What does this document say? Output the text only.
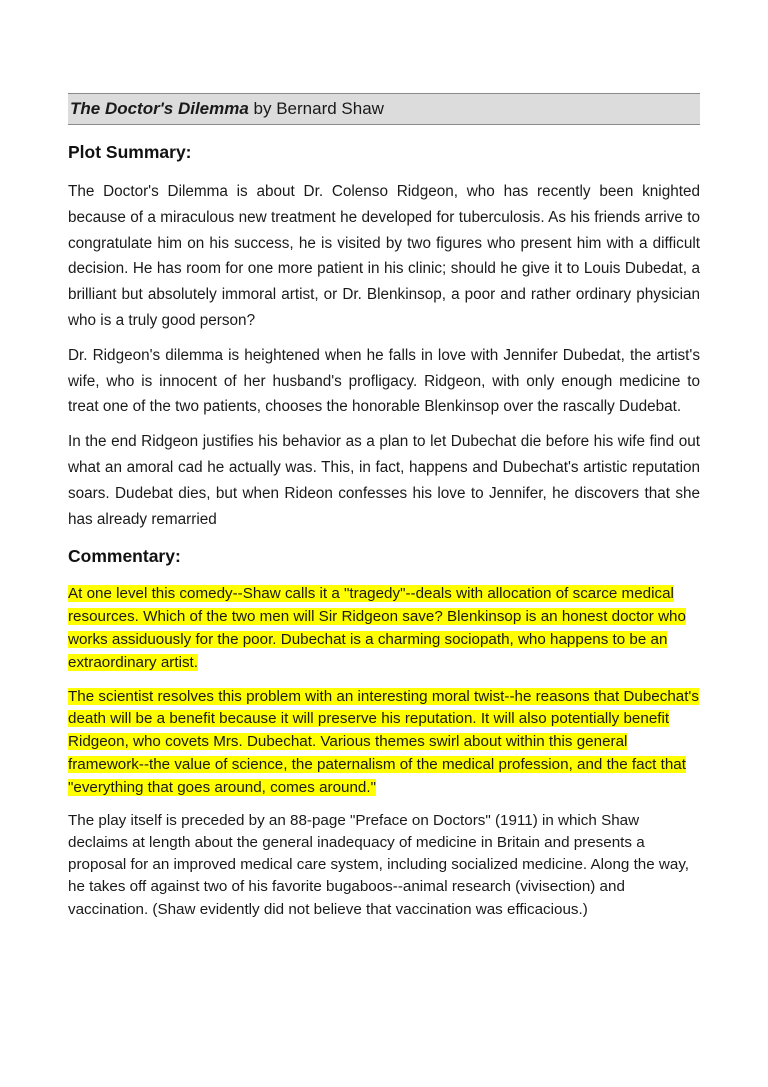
The Doctor's Dilemma by Bernard Shaw
Plot Summary:

The Doctor's Dilemma is about Dr. Colenso Ridgeon, who has recently been knighted because of a miraculous new treatment he developed for tuberculosis. As his friends arrive to congratulate him on his success, he is visited by two figures who present him with a difficult decision. He has room for one more patient in his clinic; should he give it to Louis Dubedat, a brilliant but absolutely immoral artist, or Dr. Blenkinsop, a poor and rather ordinary physician who is a truly good person?

Dr. Ridgeon's dilemma is heightened when he falls in love with Jennifer Dubedat, the artist's wife, who is innocent of her husband's profligacy. Ridgeon, with only enough medicine to treat one of the two patients, chooses the honorable Blenkinsop over the rascally Dudebat.

In the end Ridgeon justifies his behavior as a plan to let Dubechat die before his wife find out what an amoral cad he actually was. This, in fact, happens and Dubechat's artistic reputation soars. Dudebat dies, but when Rideon confesses his love to Jennifer, he discovers that she has already remarried

Commentary:

At one level this comedy--Shaw calls it a "tragedy"--deals with allocation of scarce medical resources. Which of the two men will Sir Ridgeon save? Blenkinsop is an honest doctor who works assiduously for the poor. Dubechat is a charming sociopath, who happens to be an extraordinary artist.

The scientist resolves this problem with an interesting moral twist--he reasons that Dubechat's death will be a benefit because it will preserve his reputation. It will also potentially benefit Ridgeon, who covets Mrs. Dubechat. Various themes swirl about within this general framework--the value of science, the paternalism of the medical profession, and the fact that "everything that goes around, comes around."

The play itself is preceded by an 88-page "Preface on Doctors" (1911) in which Shaw declaims at length about the general inadequacy of medicine in Britain and presents a proposal for an improved medical care system, including socialized medicine. Along the way, he takes off against two of his favorite bugaboos--animal research (vivisection) and vaccination. (Shaw evidently did not believe that vaccination was efficacious.)
